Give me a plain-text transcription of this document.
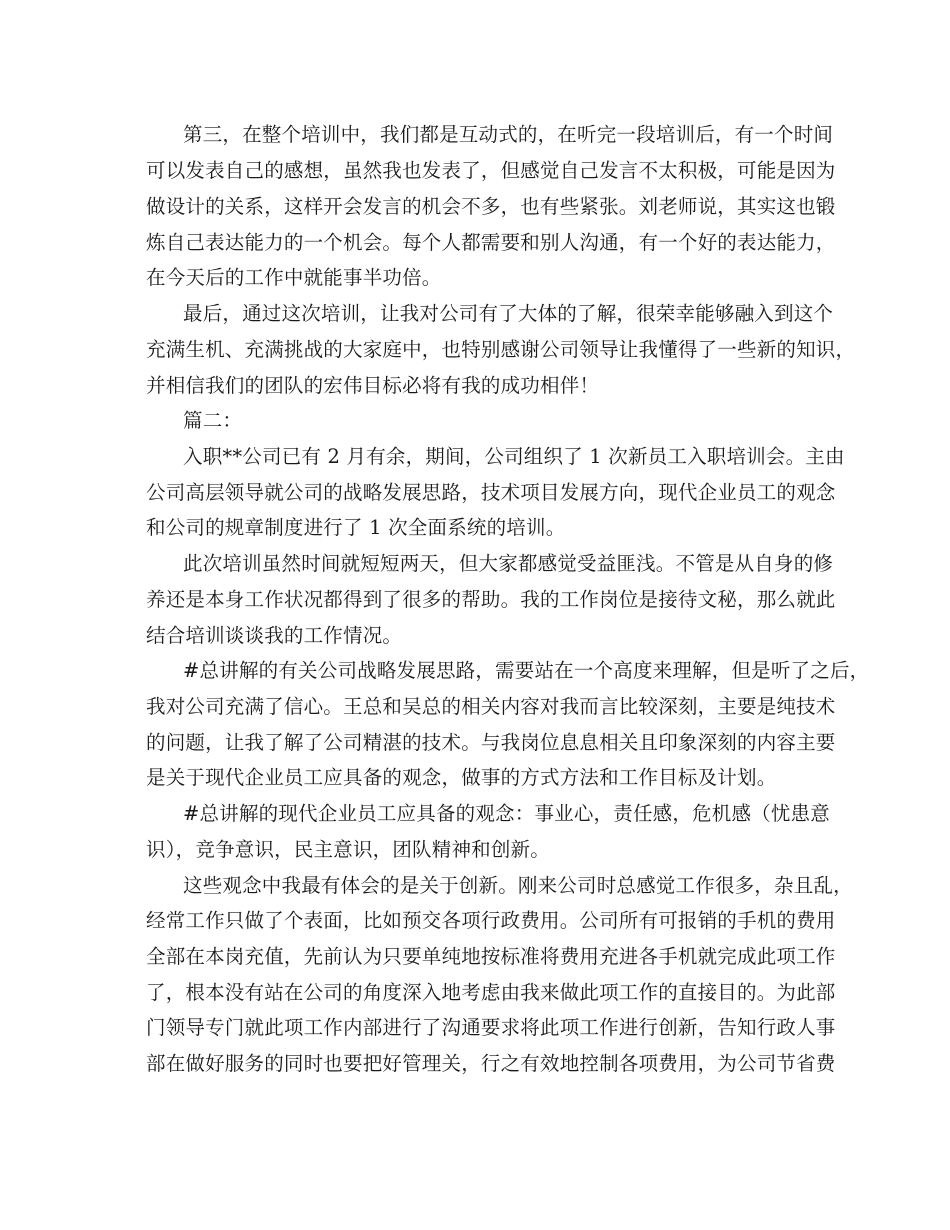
第三，在整个培训中，我们都是互动式的，在听完一段培训后，有一个时间
可以发表自己的感想，虽然我也发表了，但感觉自己发言不太积极，可能是因为
做设计的关系，这样开会发言的机会不多，也有些紧张。刘老师说，其实这也锻
炼自己表达能力的一个机会。每个人都需要和别人沟通，有一个好的表达能力，
在今天后的工作中就能事半功倍。
最后，通过这次培训，让我对公司有了大体的了解，很荣幸能够融入到这个
充满生机、充满挑战的大家庭中，也特别感谢公司领导让我懂得了一些新的知识，
并相信我们的团队的宏伟目标必将有我的成功相伴！
篇二：
入职**公司已有 2 月有余，期间，公司组织了 1 次新员工入职培训会。主由
公司高层领导就公司的战略发展思路，技术项目发展方向，现代企业员工的观念
和公司的规章制度进行了 1 次全面系统的培训。
此次培训虽然时间就短短两天，但大家都感觉受益匪浅。不管是从自身的修
养还是本身工作状况都得到了很多的帮助。我的工作岗位是接待文秘，那么就此
结合培训谈谈我的工作情况。
#总讲解的有关公司战略发展思路，需要站在一个高度来理解，但是听了之后，
我对公司充满了信心。王总和吴总的相关内容对我而言比较深刻，主要是纯技术
的问题，让我了解了公司精湛的技术。与我岗位息息相关且印象深刻的内容主要
是关于现代企业员工应具备的观念，做事的方式方法和工作目标及计划。
#总讲解的现代企业员工应具备的观念：事业心，责任感，危机感（忧患意
识），竞争意识，民主意识，团队精神和创新。
这些观念中我最有体会的是关于创新。刚来公司时总感觉工作很多，杂且乱，
经常工作只做了个表面，比如预交各项行政费用。公司所有可报销的手机的费用
全部在本岗充值，先前认为只要单纯地按标准将费用充进各手机就完成此项工作
了，根本没有站在公司的角度深入地考虑由我来做此项工作的直接目的。为此部
门领导专门就此项工作内部进行了沟通要求将此项工作进行创新，告知行政人事
部在做好服务的同时也要把好管理关，行之有效地控制各项费用，为公司节省费
